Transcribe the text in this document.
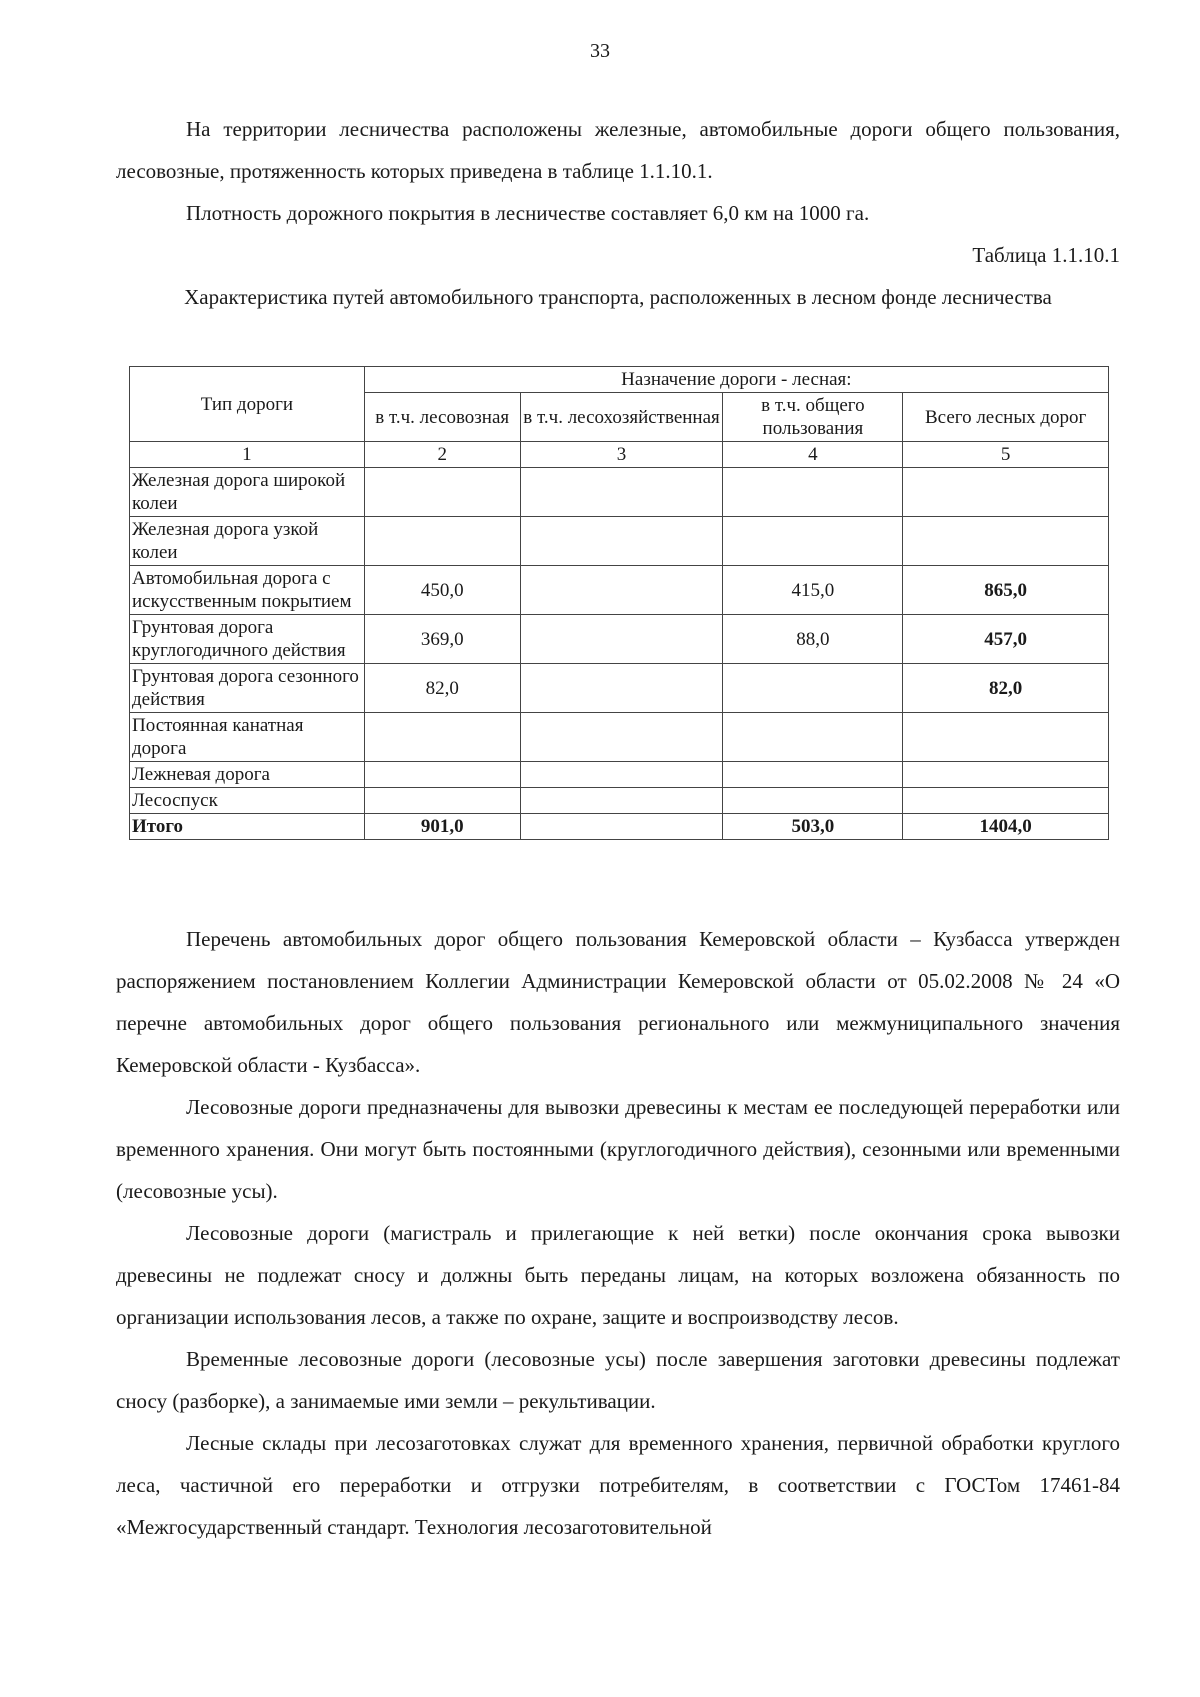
33

На территории лесничества расположены железные, автомобильные дороги общего пользования, лесовозные, протяженность которых приведена в таблице 1.1.10.1.

Плотность дорожного покрытия в лесничестве составляет 6,0 км на 1000 га.

Таблица 1.1.10.1

Характеристика путей автомобильного транспорта, расположенных в лесном фонде лесничества

Тип дороги	Назначение дороги - лесная:			
	в т.ч. лесовозная	в т.ч. лесохозяйственная	в т.ч. общего пользования	Всего лесных дорог
1	2	3	4	5
Железная дорога широкой колеи				
Железная дорога узкой колеи				
Автомобильная дорога с искусственным покрытием	450,0		415,0	865,0
Грунтовая дорога круглогодичного действия	369,0		88,0	457,0
Грунтовая дорога сезонного действия	82,0			82,0
Постоянная канатная дорога				
Лежневая дорога				
Лесоспуск				
Итого	901,0		503,0	1404,0

Перечень автомобильных дорог общего пользования Кемеровской области – Кузбасса утвержден распоряжением постановлением Коллегии Администрации Кемеровской области от 05.02.2008 № 24 «О перечне автомобильных дорог общего пользования регионального или межмуниципального значения Кемеровской области - Кузбасса».

Лесовозные дороги предназначены для вывозки древесины к местам ее последующей переработки или временного хранения. Они могут быть постоянными (круглогодичного действия), сезонными или временными (лесовозные усы).

Лесовозные дороги (магистраль и прилегающие к ней ветки) после окончания срока вывозки древесины не подлежат сносу и должны быть переданы лицам, на которых возложена обязанность по организации использования лесов, а также по охране, защите и воспроизводству лесов.

Временные лесовозные дороги (лесовозные усы) после завершения заготовки древесины подлежат сносу (разборке), а занимаемые ими земли – рекультивации.

Лесные склады при лесозаготовках служат для временного хранения, первичной обработки круглого леса, частичной его переработки и отгрузки потребителям, в соответствии с ГОСТом 17461-84 «Межгосударственный стандарт. Технология лесозаготовительной
